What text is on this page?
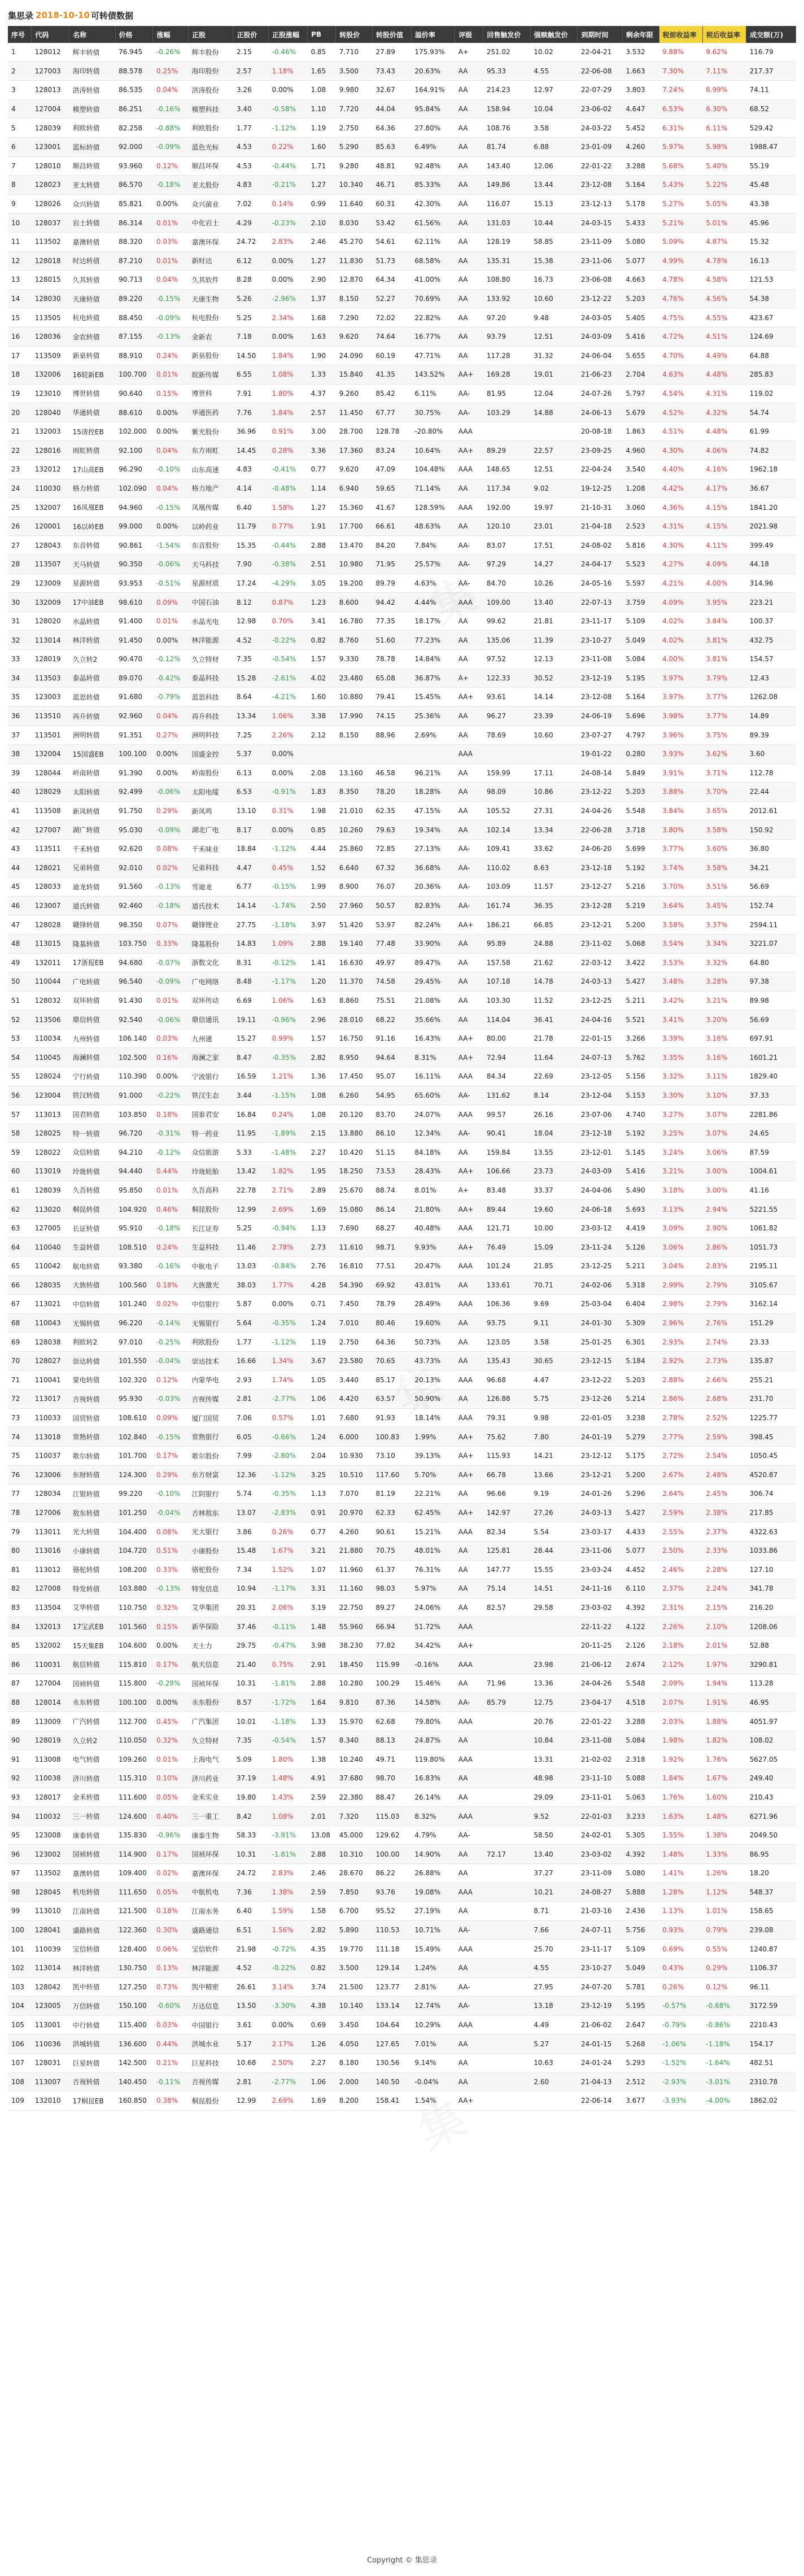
集思录 2018-10-10 可转债数据
序号	代码	名称	价格	涨幅	正股	正股价	正股涨幅	PB	转股价	转股价值	溢价率	评级	回售触发价	强赎触发价	到期时间	剩余年限	税前收益率	税后收益率	成交额(万)
1	128012	辉丰转债	76.945	-0.26%	辉丰股份	2.15	-0.46%	0.85	7.710	27.89	175.93%	A+	251.02	10.02	22-04-21	3.532	9.88%	9.62%	116.79
2	127003	海印转债	88.578	0.25%	海印股份	2.57	1.18%	1.65	3.500	73.43	20.63%	AA	95.33	4.55	22-06-08	1.663	7.30%	7.11%	217.37
3	128013	洪涛转债	86.535	0.04%	洪涛股份	3.26	0.00%	1.08	9.980	32.67	164.91%	AA	214.23	12.97	22-07-29	3.803	7.24%	6.99%	74.11
4	127004	模塑转债	86.251	-0.16%	模塑科技	3.40	-0.58%	1.10	7.720	44.04	95.84%	AA	158.94	10.04	23-06-02	4.647	6.53%	6.30%	68.52
5	128039	利欧转债	82.258	-0.88%	利欧股份	1.77	-1.12%	1.19	2.750	64.36	27.80%	AA	108.76	3.58	24-03-22	5.452	6.31%	6.11%	529.42
6	123001	蓝标转债	92.000	-0.09%	蓝色光标	4.53	0.22%	1.60	5.290	85.63	6.49%	AA	81.74	6.88	23-01-09	4.260	5.97%	5.98%	1988.47
7	128010	顺昌转债	93.960	0.12%	顺昌环保	4.53	-0.44%	1.71	9.280	48.81	92.48%	AA	143.40	12.06	22-01-22	3.288	5.68%	5.40%	55.19
8	128023	亚太转债	86.570	-0.18%	亚太股份	4.83	-0.21%	1.27	10.340	46.71	85.33%	AA	149.86	13.44	23-12-08	5.164	5.43%	5.22%	45.48
9	128026	众兴转债	85.821	0.00%	众兴菌业	7.02	0.14%	0.99	11.640	60.31	42.30%	AA	116.07	15.13	23-12-13	5.178	5.27%	5.05%	43.38
10	128037	岩土转债	86.314	0.01%	中化岩土	4.29	-0.23%	2.10	8.030	53.42	61.56%	AA	131.03	10.44	24-03-15	5.433	5.21%	5.01%	45.96
11	113502	嘉澳转债	88.320	0.03%	嘉澳环保	24.72	2.83%	2.46	45.270	54.61	62.11%	AA	128.19	58.85	23-11-09	5.080	5.09%	4.87%	15.32
12	128018	时达转债	87.210	0.01%	新时达	6.12	0.00%	1.27	11.830	51.73	68.58%	AA	135.31	15.38	23-11-06	5.077	4.99%	4.78%	16.13
13	128015	久其转债	90.713	0.04%	久其软件	8.28	0.00%	2.90	12.870	64.34	41.00%	AA	108.80	16.73	23-06-08	4.663	4.78%	4.58%	121.53
14	128030	天康转债	89.220	-0.15%	天康生物	5.26	-2.96%	1.37	8.150	52.27	70.69%	AA	133.92	10.60	23-12-22	5.203	4.76%	4.56%	54.38
15	113505	杭电转债	88.450	-0.09%	杭电股份	5.25	2.34%	1.68	7.290	72.02	22.82%	AA	97.20	9.48	24-03-05	5.405	4.75%	4.55%	423.67
16	128036	金农转债	87.155	-0.13%	金新农	7.18	0.00%	1.63	9.620	74.64	16.77%	AA	93.79	12.51	24-03-09	5.416	4.72%	4.51%	124.69
17	113509	新泉转债	88.910	0.24%	新泉股份	14.50	1.84%	1.90	24.090	60.19	47.71%	AA	117.28	31.32	24-06-04	5.655	4.70%	4.49%	64.88
18	132006	16皖新EB	100.700	0.01%	皖新传媒	6.55	1.08%	1.33	15.840	41.35	143.52%	AA+	169.28	19.01	21-06-23	2.704	4.63%	4.48%	285.83
19	123010	博世转债	90.640	0.15%	博世科	7.91	1.80%	4.37	9.260	85.42	6.11%	AA-	81.95	12.04	24-07-26	5.797	4.54%	4.31%	119.02
20	128040	华通转债	88.610	0.00%	华通医药	7.76	1.84%	2.57	11.450	67.77	30.75%	AA-	103.29	14.88	24-06-13	5.679	4.52%	4.32%	54.74
21	132003	15清控EB	102.000	0.00%	紫光股份	36.96	0.91%	3.00	28.700	128.78	-20.80%	AAA			20-08-18	1.863	4.51%	4.48%	61.99
22	128016	雨虹转债	92.100	0.04%	东方雨虹	14.45	0.28%	3.36	17.360	83.24	10.64%	AA+	89.29	22.57	23-09-25	4.960	4.30%	4.06%	74.82
23	132012	17山高EB	96.290	-0.10%	山东高速	4.83	-0.41%	0.77	9.620	47.09	104.48%	AAA	148.65	12.51	22-04-24	3.540	4.40%	4.16%	1962.18
24	110030	格力转债	102.090	0.04%	格力地产	4.14	-0.48%	1.14	6.940	59.65	71.14%	AA	117.34	9.02	19-12-25	1.208	4.42%	4.17%	36.67
25	132007	16凤凰EB	94.960	-0.15%	凤凰传媒	6.40	1.58%	1.27	15.360	41.67	128.59%	AAA	192.00	19.97	21-10-31	3.060	4.36%	4.15%	1841.20
26	120001	16以岭EB	99.000	0.00%	以岭药业	11.79	0.77%	1.91	17.700	66.61	48.63%	AA	120.10	23.01	21-04-18	2.523	4.31%	4.15%	2021.98
27	128043	东音转债	90.861	-1.54%	东音股份	15.35	-0.44%	2.88	13.470	84.20	7.84%	AA-	83.07	17.51	24-08-02	5.816	4.30%	4.11%	399.49
28	113507	天马转债	90.350	-0.06%	天马科技	7.90	-0.38%	2.51	10.980	71.95	25.57%	AA-	97.29	14.27	24-04-17	5.523	4.27%	4.09%	44.18
29	123009	星源转债	93.953	-0.51%	星源材质	17.24	-4.29%	3.05	19.200	89.79	4.63%	AA-	84.70	10.26	24-05-16	5.597	4.21%	4.00%	314.96
30	132009	17中油EB	98.610	0.09%	中国石油	8.12	0.87%	1.23	8.600	94.42	4.44%	AAA	109.00	13.40	22-07-13	3.759	4.09%	3.95%	223.21
31	128020	水晶转债	91.400	0.01%	水晶光电	12.98	0.70%	3.41	16.780	77.35	18.17%	AA	99.62	21.81	23-11-17	5.109	4.02%	3.84%	100.37
32	113014	林洋转债	91.450	0.00%	林洋能源	4.52	-0.22%	0.82	8.760	51.60	77.23%	AA	135.06	11.39	23-10-27	5.049	4.02%	3.81%	432.75
33	128019	久立转2	90.470	-0.12%	久立特材	7.35	-0.54%	1.57	9.330	78.78	14.84%	AA	97.52	12.13	23-11-08	5.084	4.00%	3.81%	154.57
34	113503	泰晶转债	89.070	-0.42%	泰晶科技	15.28	-2.61%	4.02	23.480	65.08	36.87%	A+	122.33	30.52	23-12-19	5.195	3.97%	3.79%	12.43
35	123003	蓝思转债	91.680	-0.79%	蓝思科技	8.64	-4.21%	1.60	10.880	79.41	15.45%	AA+	93.61	14.14	23-12-08	5.164	3.97%	3.77%	1262.08
36	113510	再升转债	92.960	0.04%	再升科技	13.34	1.06%	3.38	17.990	74.15	25.36%	AA	96.27	23.39	24-06-19	5.696	3.98%	3.77%	14.89
37	113501	洲明转债	91.351	0.27%	洲明科技	7.25	2.26%	2.12	8.150	88.96	2.69%	AA	78.69	10.60	23-07-27	4.797	3.96%	3.75%	89.39
38	132004	15国盛EB	100.100	0.00%	国盛金控	5.37	0.00%					AAA			19-01-22	0.280	3.93%	3.62%	3.60
39	128044	岭南转债	91.390	0.00%	岭南股份	6.13	0.00%	2.08	13.160	46.58	96.21%	AA	159.99	17.11	24-08-14	5.849	3.91%	3.71%	112.78
40	128029	太阳转债	92.499	-0.06%	太阳电缆	6.53	-0.91%	1.83	8.350	78.20	18.28%	AA	98.09	10.86	23-12-22	5.203	3.88%	3.70%	22.44
41	113508	新凤转债	91.750	0.29%	新凤鸣	13.10	0.31%	1.98	21.010	62.35	47.15%	AA	105.52	27.31	24-04-26	5.548	3.84%	3.65%	2012.61
42	127007	湖广转债	95.030	-0.09%	湖北广电	8.17	0.00%	0.85	10.260	79.63	19.34%	AA	102.14	13.34	22-06-28	3.718	3.80%	3.58%	150.92
43	113511	千禾转债	92.620	0.08%	千禾味业	18.84	-1.12%	4.44	25.860	72.85	27.13%	AA-	109.41	33.62	24-06-20	5.699	3.77%	3.60%	36.80
44	128021	兄弟转债	92.010	0.02%	兄弟科技	4.47	0.45%	1.52	6.640	67.32	36.68%	AA-	110.02	8.63	23-12-18	5.192	3.74%	3.58%	34.21
45	128033	迪龙转债	91.560	-0.13%	雪迪龙	6.77	-0.15%	1.99	8.900	76.07	20.36%	AA-	103.09	11.57	23-12-27	5.216	3.70%	3.51%	56.69
46	123007	道氏转债	92.460	-0.18%	道氏技术	14.14	-1.74%	2.50	27.960	50.57	82.83%	AA-	161.74	36.35	23-12-28	5.219	3.64%	3.45%	152.74
47	128028	赣锋转债	98.350	0.07%	赣锋锂业	27.75	-1.18%	3.97	51.420	53.97	82.24%	AA+	186.21	66.85	23-12-21	5.200	3.58%	3.37%	2594.11
48	113015	隆基转债	103.750	0.33%	隆基股份	14.83	1.09%	2.88	19.140	77.48	33.90%	AA	95.89	24.88	23-11-02	5.068	3.54%	3.34%	3221.07
49	132011	17浙报EB	94.680	-0.07%	浙数文化	8.31	-0.12%	1.41	16.630	49.97	89.47%	AA	157.58	21.62	22-03-12	3.422	3.53%	3.32%	64.80
50	110044	广电转债	96.540	-0.09%	广电网络	8.48	-1.17%	1.20	11.370	74.58	29.45%	AA	107.18	14.78	24-03-13	5.427	3.48%	3.28%	97.38
51	128032	双环转债	91.430	0.01%	双环传动	6.69	1.06%	1.63	8.860	75.51	21.08%	AA	103.30	11.52	23-12-25	5.211	3.42%	3.21%	89.98
52	113506	鼎信转债	92.540	-0.06%	鼎信通讯	19.11	-0.96%	2.96	28.010	68.22	35.66%	AA	114.04	36.41	24-04-16	5.521	3.41%	3.20%	56.69
53	110034	九州转债	106.140	0.03%	九州通	15.27	0.99%	1.57	16.750	91.16	16.43%	AA+	80.00	21.78	22-01-15	3.266	3.39%	3.16%	697.91
54	110045	海澜转债	102.500	0.16%	海澜之家	8.47	-0.35%	2.82	8.950	94.64	8.31%	AA+	72.94	11.64	24-07-13	5.762	3.35%	3.16%	1601.21
55	128024	宁行转债	110.390	0.00%	宁波银行	16.59	1.21%	1.36	17.450	95.07	16.11%	AAA	84.34	22.69	23-12-05	5.156	3.32%	3.11%	1829.40
56	123004	铁汉转债	91.000	-0.22%	铁汉生态	3.44	-1.15%	1.08	6.260	54.95	65.60%	AA-	131.62	8.14	23-12-04	5.153	3.30%	3.10%	37.33
57	113013	国君转债	103.850	0.18%	国泰君安	16.84	0.24%	1.08	20.120	83.70	24.07%	AAA	99.57	26.16	23-07-06	4.740	3.27%	3.07%	2281.86
58	128025	特一转债	96.720	-0.31%	特一药业	11.95	-1.89%	2.15	13.880	86.10	12.34%	AA-	90.41	18.04	23-12-18	5.192	3.25%	3.07%	24.65
59	128022	众信转债	94.210	-0.12%	众信旅游	5.33	-1.48%	2.27	10.420	51.15	84.18%	AA	159.84	13.55	23-12-01	5.145	3.24%	3.06%	87.59
60	113019	玲珑转债	94.440	0.44%	玲珑轮胎	13.42	1.82%	1.95	18.250	73.53	28.43%	AA+	106.66	23.73	24-03-09	5.416	3.21%	3.00%	1004.61
61	128039	久吾转债	95.850	0.01%	久吾高科	22.78	2.71%	2.89	25.670	88.74	8.01%	A+	83.48	33.37	24-04-06	5.490	3.18%	3.00%	41.16
62	113020	桐昆转债	104.920	0.46%	桐昆股份	12.99	2.69%	1.69	15.080	86.14	21.80%	AA+	89.44	19.60	24-06-18	5.693	3.13%	2.94%	5221.55
63	127005	长证转债	95.910	-0.18%	长江证券	5.25	-0.94%	1.13	7.690	68.27	40.48%	AAA	121.71	10.00	23-03-12	4.419	3.09%	2.90%	1061.82
64	110040	生益转债	108.510	0.24%	生益科技	11.46	2.78%	2.73	11.610	98.71	9.93%	AA+	76.49	15.09	23-11-24	5.126	3.06%	2.86%	1051.73
65	110042	航电转债	93.380	-0.16%	中航电子	13.03	-0.84%	2.76	16.810	77.51	20.47%	AAA	101.24	21.85	23-12-25	5.211	3.04%	2.83%	2195.11
66	128035	大族转债	100.560	0.18%	大族激光	38.03	1.77%	4.28	54.390	69.92	43.81%	AA	133.61	70.71	24-02-06	5.318	2.99%	2.79%	3105.67
67	113021	中信转债	101.240	0.02%	中信银行	5.87	0.00%	0.71	7.450	78.79	28.49%	AAA	106.36	9.69	25-03-04	6.404	2.98%	2.79%	3162.14
68	110043	无锡转债	96.220	-0.14%	无锡银行	5.64	-0.35%	1.24	7.010	80.46	19.60%	AA	93.75	9.11	24-01-30	5.309	2.96%	2.76%	151.29
69	128038	利欧转2	97.010	-0.25%	利欧股份	1.77	-1.12%	1.19	2.750	64.36	50.73%	AA	123.05	3.58	25-01-25	6.301	2.93%	2.74%	23.33
70	128027	崇达转债	101.550	-0.04%	崇达技术	16.66	1.34%	3.67	23.580	70.65	43.73%	AA	135.43	30.65	23-12-15	5.184	2.92%	2.73%	135.87
71	110041	蒙电转债	102.320	0.12%	内蒙华电	2.93	1.74%	1.05	3.440	85.17	20.13%	AAA	96.68	4.47	23-12-22	5.203	2.88%	2.66%	255.21
72	113017	吉视转债	95.930	-0.03%	吉视传媒	2.81	-2.77%	1.06	4.420	63.57	50.90%	AA	126.88	5.75	23-12-26	5.214	2.86%	2.68%	231.70
73	110033	国贸转债	108.610	0.09%	厦门国贸	7.06	0.57%	1.01	7.680	91.93	18.14%	AAA	79.31	9.98	22-01-05	3.238	2.78%	2.52%	1225.77
74	113018	常熟转债	102.840	-0.15%	常熟银行	6.05	-0.66%	1.24	6.000	100.83	1.99%	AA+	75.62	7.80	24-01-19	5.279	2.77%	2.59%	398.45
75	110037	歌尔转债	101.700	0.17%	歌尔股份	7.99	-2.80%	2.04	10.930	73.10	39.13%	AA+	115.93	14.21	23-12-12	5.175	2.72%	2.54%	1050.45
76	123006	东财转债	124.300	0.29%	东方财富	12.36	-1.12%	3.25	10.510	117.60	5.70%	AA+	66.78	13.66	23-12-21	5.200	2.67%	2.48%	4520.87
77	128034	江银转债	99.220	-0.10%	江阴银行	5.74	-0.35%	1.13	7.070	81.19	22.21%	AA	96.66	9.19	24-01-26	5.296	2.64%	2.45%	306.74
78	127006	敖东转债	101.250	-0.04%	吉林敖东	13.07	-2.83%	0.91	20.970	62.33	62.45%	AA+	142.97	27.26	24-03-13	5.427	2.59%	2.38%	217.85
79	113011	光大转债	104.400	0.08%	光大银行	3.86	0.26%	0.77	4.260	90.61	15.21%	AAA	82.34	5.54	23-03-17	4.433	2.55%	2.37%	4322.63
80	113016	小康转债	104.720	0.51%	小康股份	15.48	1.67%	3.21	21.880	70.75	48.01%	AA	125.81	28.44	23-11-06	5.077	2.50%	2.33%	1033.86
81	113012	骆驼转债	108.200	0.33%	骆驼股份	7.34	1.52%	1.07	11.960	61.37	76.31%	AA	147.77	15.55	23-03-24	4.452	2.46%	2.28%	127.10
82	127008	特发转债	103.880	-0.13%	特发信息	10.94	-1.17%	3.31	11.160	98.03	5.97%	AA	75.14	14.51	24-11-16	6.110	2.37%	2.24%	341.78
83	113504	艾华转债	110.750	0.32%	艾华集团	20.31	2.06%	3.19	22.750	89.27	24.06%	AA	82.57	29.58	23-03-02	4.392	2.31%	2.15%	216.20
84	132013	17宝武EB	101.560	0.15%	新华保险	37.46	-0.11%	1.48	55.960	66.94	51.72%	AAA			22-11-22	4.122	2.26%	2.10%	1208.06
85	132002	15天集EB	104.600	0.00%	天士力	29.75	-0.47%	3.98	38.230	77.82	34.42%	AA+			20-11-25	2.126	2.18%	2.01%	52.88
86	110031	航信转债	115.810	0.17%	航天信息	21.40	0.75%	2.91	18.450	115.99	-0.16%	AAA		23.98	21-06-12	2.674	2.12%	1.97%	3290.81
87	127004	国祯转债	115.800	-0.28%	国祯环保	10.31	-1.81%	2.88	10.280	100.29	15.46%	AA	71.96	13.36	24-04-26	5.548	2.09%	1.94%	113.28
88	128014	永东转债	100.100	0.00%	永东股份	8.57	-1.72%	1.64	9.810	87.36	14.58%	AA-	85.79	12.75	23-04-17	4.518	2.07%	1.91%	46.95
89	113009	广汽转债	112.700	0.45%	广汽集团	10.01	-1.18%	1.33	15.970	62.68	79.80%	AAA		20.76	22-01-22	3.288	2.03%	1.88%	4051.97
90	128019	久立转2	110.050	0.32%	久立特材	7.35	-0.54%	1.57	8.340	88.13	24.87%	AA		10.84	23-11-08	5.084	1.98%	1.82%	108.02
91	113008	电气转债	109.260	0.01%	上海电气	5.09	1.80%	1.38	10.240	49.71	119.80%	AAA		13.31	21-02-02	2.318	1.92%	1.76%	5627.05
92	110038	济川转债	115.310	0.10%	济川药业	37.19	1.48%	4.91	37.680	98.70	16.83%	AA		48.98	23-11-10	5.088	1.84%	1.67%	249.40
93	128017	金禾转债	111.600	0.05%	金禾实业	19.80	1.43%	2.59	22.380	88.47	26.14%	AA		29.09	23-11-01	5.063	1.76%	1.60%	210.43
94	110032	三一转债	124.600	0.40%	三一重工	8.42	1.08%	2.01	7.320	115.03	8.32%	AAA		9.52	22-01-03	3.233	1.63%	1.48%	6271.96
95	123008	康泰转债	135.830	-0.96%	康泰生物	58.33	-3.91%	13.08	45.000	129.62	4.79%	AA-		58.50	24-02-01	5.305	1.55%	1.38%	2049.50
96	123002	国祯转债	114.900	0.17%	国祯环保	10.31	-1.81%	2.88	10.310	100.00	14.90%	AA	72.17	13.40	23-03-02	4.392	1.48%	1.33%	86.95
97	113502	嘉澳转债	109.400	0.02%	嘉澳环保	24.72	2.83%	2.46	28.670	86.22	26.88%	AA		37.27	23-11-09	5.080	1.41%	1.26%	18.20
98	128045	机电转债	111.650	0.05%	中航机电	7.36	1.38%	2.59	7.850	93.76	19.08%	AAA		10.21	24-08-27	5.888	1.28%	1.12%	548.37
99	113010	江南转债	121.500	0.18%	江南水务	6.40	1.59%	1.58	6.700	95.52	27.19%	AA		8.71	21-03-16	2.436	1.13%	1.01%	158.65
100	128041	盛路转债	122.360	0.30%	盛路通信	6.51	1.56%	2.82	5.890	110.53	10.71%	AA-		7.66	24-07-11	5.756	0.93%	0.79%	239.08
101	110039	宝信转债	128.400	0.06%	宝信软件	21.98	-0.72%	4.35	19.770	111.18	15.49%	AAA		25.70	23-11-17	5.109	0.69%	0.55%	1240.87
102	113014	林洋转债	130.750	0.13%	林洋能源	4.52	-0.22%	0.82	3.500	129.14	1.24%	AA		4.55	23-10-27	5.049	0.43%	0.29%	1106.37
103	128042	凯中转债	127.250	0.73%	凯中精密	26.61	3.14%	3.74	21.500	123.77	2.81%	AA-		27.95	24-07-20	5.781	0.26%	0.12%	96.11
104	123005	万信转债	150.100	-0.60%	万达信息	13.50	-3.30%	4.38	10.140	133.14	12.74%	AA-		13.18	23-12-19	5.195	-0.57%	-0.68%	3172.59
105	113001	中行转债	115.400	0.03%	中国银行	3.61	0.00%	0.69	3.450	104.64	10.29%	AAA		4.49	21-06-02	2.647	-0.79%	-0.86%	2210.43
106	110036	洪城转债	136.600	0.44%	洪城水业	5.17	2.17%	1.26	4.050	127.65	7.01%	AA		5.27	24-01-15	5.268	-1.06%	-1.18%	154.17
107	128031	巨星转债	142.500	0.21%	巨星科技	10.68	2.50%	2.27	8.180	130.56	9.14%	AA		10.63	24-01-24	5.293	-1.52%	-1.64%	482.51
108	113007	吉视转债	140.450	-0.11%	吉视传媒	2.81	-2.77%	1.06	2.000	140.50	-0.04%	AA		2.60	21-04-13	2.512	-2.93%	-3.01%	2310.78
109	132010	17桐昆EB	160.850	0.38%	桐昆股份	12.99	2.69%	1.69	8.200	158.41	1.54%	AA+			22-06-14	3.677	-3.93%	-4.00%	1862.02
Copyright © 集思录
